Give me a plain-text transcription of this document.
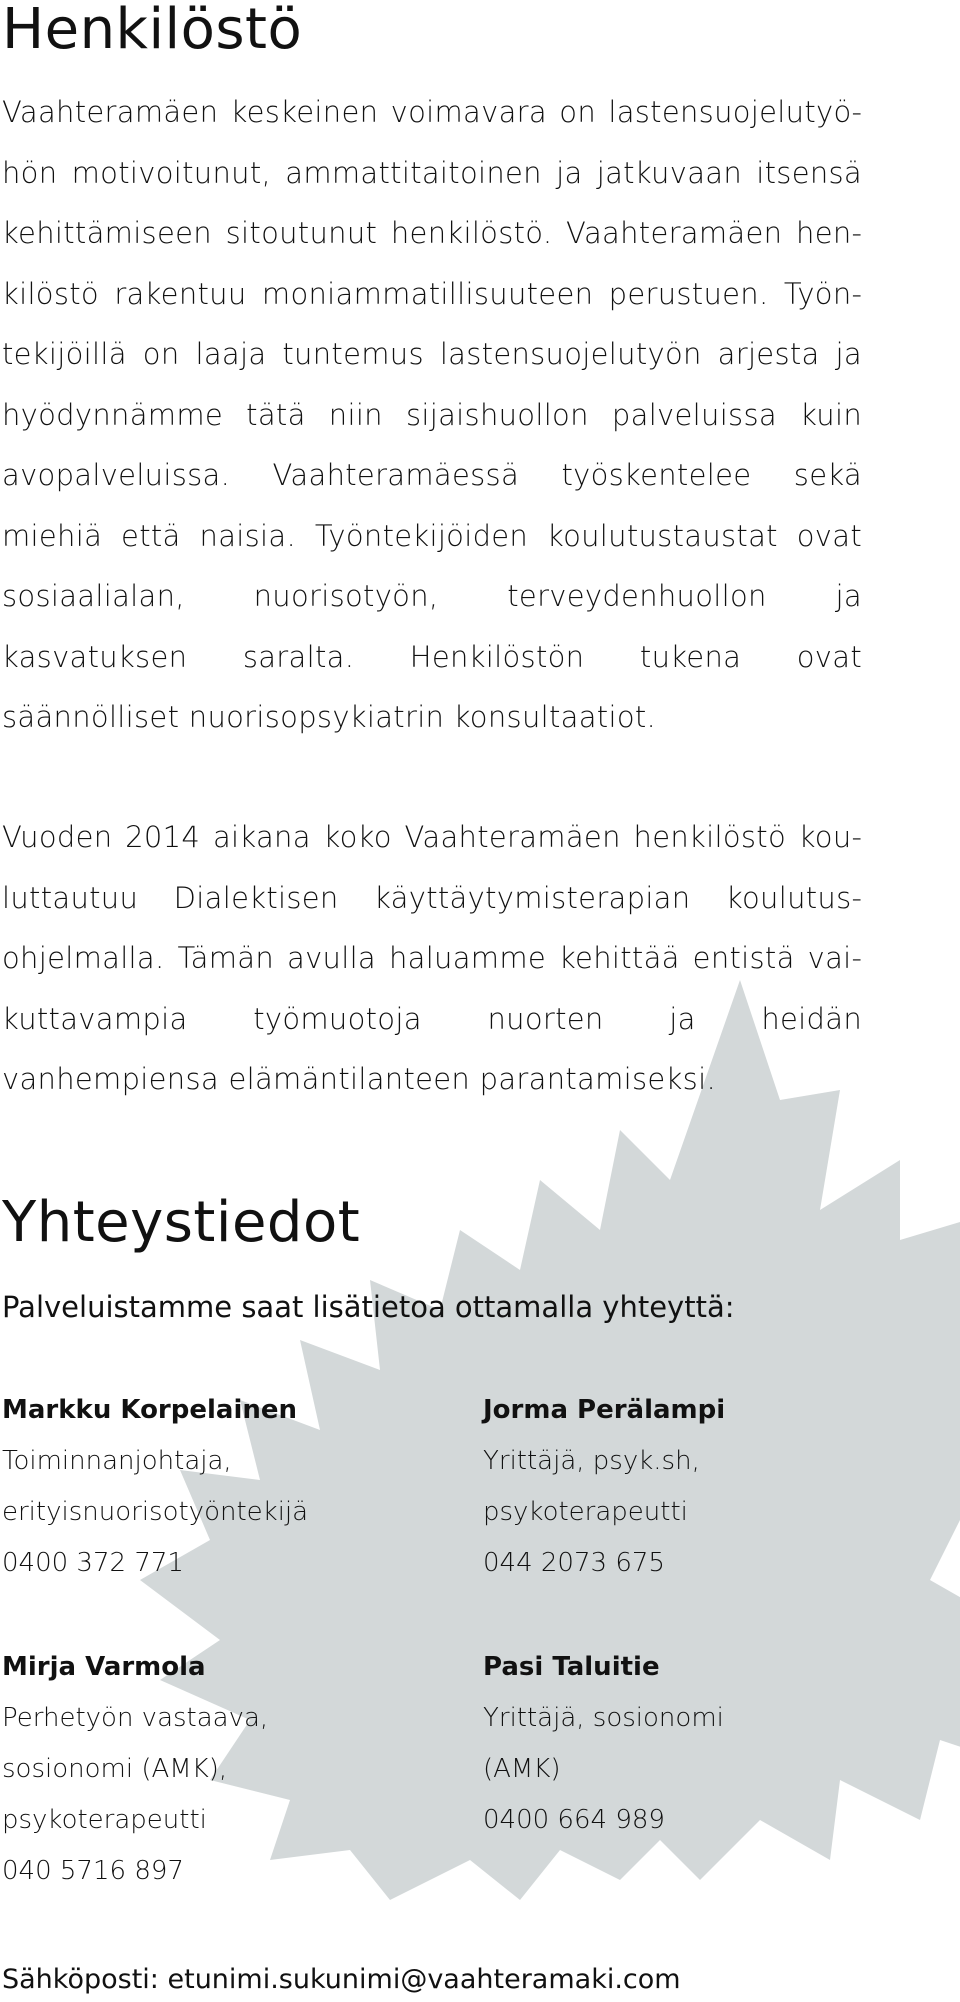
Henkilöstö

Vaahteramäen keskeinen voimavara on lastensuojelutyöhön motivoitunut, ammattitaitoinen ja jatkuvaan itsensä kehittämiseen sitoutunut henkilöstö. Vaahteramäen henkilöstö rakentuu moniammatillisuuteen perustuen. Työntekijöillä on laaja tuntemus lastensuojelutyön arjesta ja hyödynnämme tätä niin sijaishuollon palveluissa kuin avopalveluissa. Vaahteramäessä työskentelee sekä miehiä että naisia. Työntekijöiden koulutustaustat ovat sosiaalialan, nuorisotyön, terveydenhuollon ja kasvatuksen saralta. Henkilöstön tukena ovat säännölliset nuorisopsykiatrin konsultaatiot.

Vuoden 2014 aikana koko Vaahteramäen henkilöstö kouluttautuu Dialektisen käyttäytymisterapian koulutusohjelmalla. Tämän avulla haluamme kehittää entistä vaikuttavampia työmuotoja nuorten ja heidän vanhempiensa elämäntilanteen parantamiseksi.

Yhteystiedot

Palveluistamme saat lisätietoa ottamalla yhteyttä:

Markku Korpelainen

Toiminnanjohtaja,

erityisnuorisotyöntekijä

0400 372 771

Jorma Perälampi

Yrittäjä, psyk.sh,

psykoterapeutti

044 2073 675

Mirja Varmola

Perhetyön vastaava,

sosionomi (AMK),

psykoterapeutti

040 5716 897

Pasi Taluitie

Yrittäjä, sosionomi

(AMK)

0400 664 989

Sähköposti: etunimi.sukunimi@vaahteramaki.com
